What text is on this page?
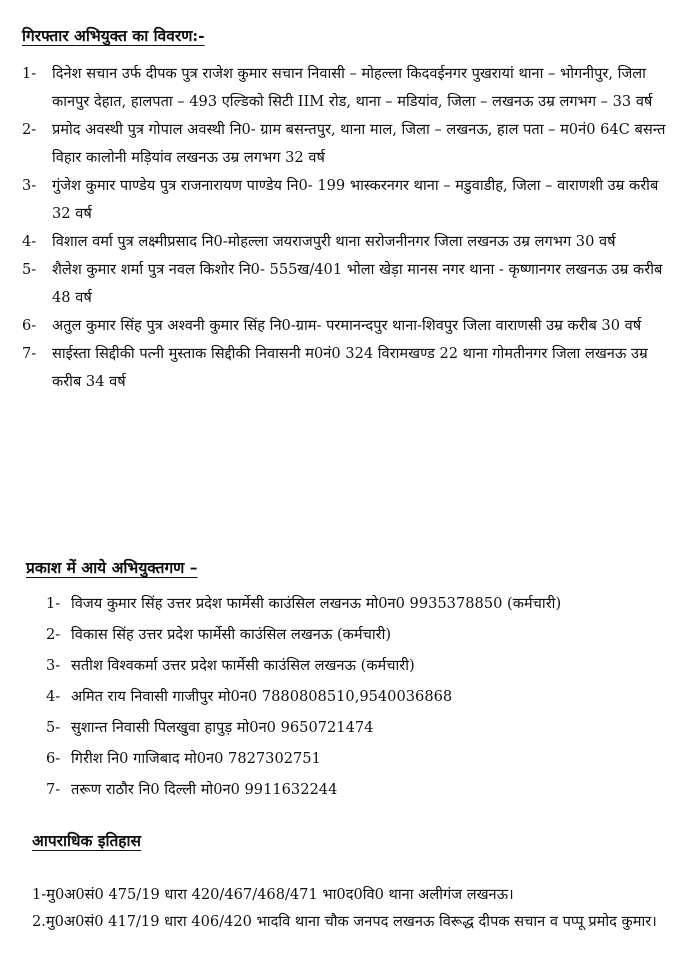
गिरफ्तार अभियुक्त का विवरण:-
1- दिनेश सचान उर्फ दीपक पुत्र राजेश कुमार सचान निवासी – मोहल्ला किदवईनगर पुखरायां थाना – भोगनीपुर, जिला कानपुर देहात, हालपता – 493 एल्डिको सिटी IIM रोड, थाना – मडियांव, जिला – लखनऊ उम्र लगभग – 33 वर्ष
2- प्रमोद अवस्थी पुत्र गोपाल अवस्थी नि0- ग्राम बसन्तपुर, थाना माल, जिला – लखनऊ, हाल पता – म0नं0 64C बसन्त विहार कालोनी मड़ियांव लखनऊ उम्र लगभग 32 वर्ष
3- गुंजेश कुमार पाण्डेय पुत्र राजनारायण पाण्डेय नि0- 199 भास्करनगर थाना – मडुवाडीह, जिला – वाराणशी उम्र करीब 32 वर्ष
4- विशाल वर्मा पुत्र लक्ष्मीप्रसाद नि0-मोहल्ला जयराजपुरी थाना सरोजनीनगर जिला लखनऊ उम्र लगभग 30 वर्ष
5- शैलेश कुमार शर्मा पुत्र नवल किशोर नि0- 555ख/401 भोला खेड़ा मानस नगर थाना - कृष्णानगर लखनऊ उम्र करीब 48 वर्ष
6- अतुल कुमार सिंह पुत्र अश्वनी कुमार सिंह नि0-ग्राम- परमानन्दपुर थाना-शिवपुर जिला वाराणसी उम्र करीब 30 वर्ष
7- साईस्ता सिद्दीकी पत्नी मुस्ताक सिद्दीकी निवासनी म0नं0 324 विरामखण्ड 22 थाना गोमतीनगर जिला लखनऊ उम्र करीब 34 वर्ष
प्रकाश में आये अभियुक्तगण –
1- विजय कुमार सिंह उत्तर प्रदेश फार्मेसी काउंसिल लखनऊ मो0न0 9935378850 (कर्मचारी)
2- विकास सिंह उत्तर प्रदेश फार्मेसी काउंसिल लखनऊ (कर्मचारी)
3- सतीश विश्वकर्मा उत्तर प्रदेश फार्मेसी काउंसिल लखनऊ (कर्मचारी)
4- अमित राय निवासी गाजीपुर मो0न0 7880808510,9540036868
5- सुशान्त निवासी पिलखुवा हापुड़ मो0न0 9650721474
6- गिरीश नि0 गाजिबाद मो0न0 7827302751
7- तरूण राठौर नि0 दिल्ली मो0न0 9911632244
आपराधिक इतिहास

1-मु0अ0सं0 475/19 धारा 420/467/468/471 भा0द0वि0 थाना अलीगंज लखनऊ।

2.मु0अ0सं0 417/19 धारा 406/420 भादवि थाना चौक जनपद लखनऊ विरूद्ध दीपक सचान व पप्पू प्रमोद कुमार।
